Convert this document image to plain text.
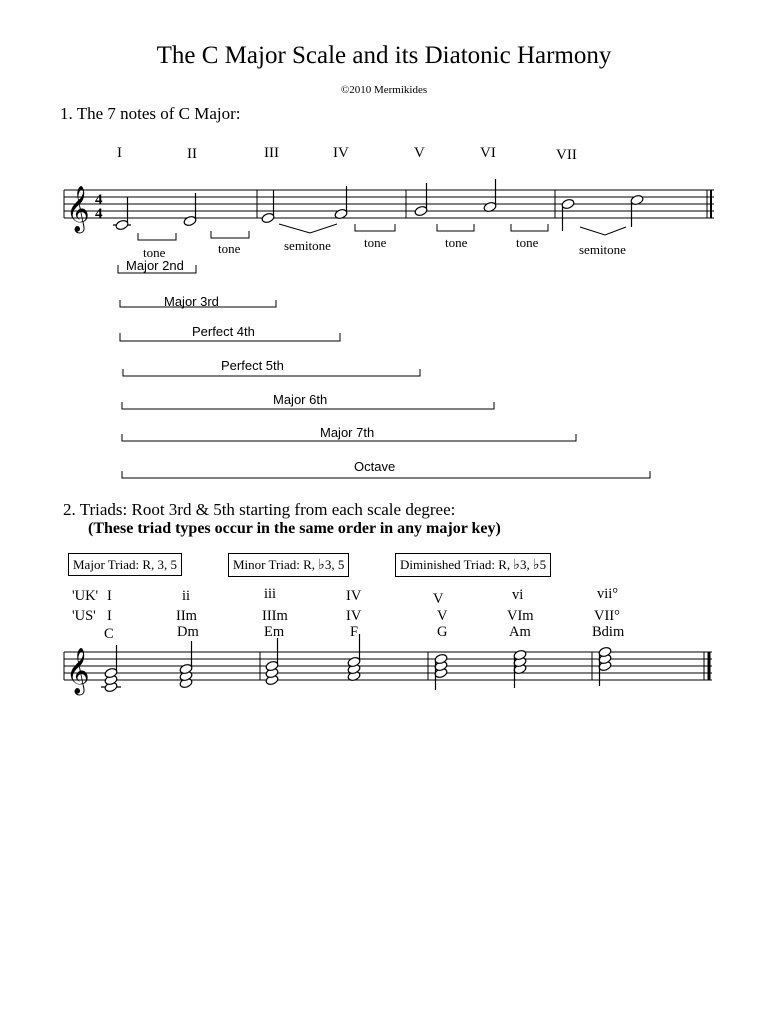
The C Major Scale and its Diatonic Harmony
©2010 Mermikides
1. The 7 notes of C Major:
I	II	III	IV	V	VI	VII
tone	tone	semitone	tone	tone	tone	semitone
Major 2nd
Major 3rd
Perfect 4th
Perfect 5th
Major 6th
Major 7th
Octave
2. Triads: Root 3rd & 5th starting from each scale degree:
(These triad types occur in the same order in any major key)
Major Triad: R, 3, 5	Minor Triad: R, ♭3, 5	Diminished Triad: R, ♭3, ♭5
'UK' I	ii	iii	IV	V	vi	vii°
'US' I	IIm	IIIm	IV	V	VIm	VII°
C	Dm	Em	F	G	Am	Bdim
𝄞
𝄞
4
4
